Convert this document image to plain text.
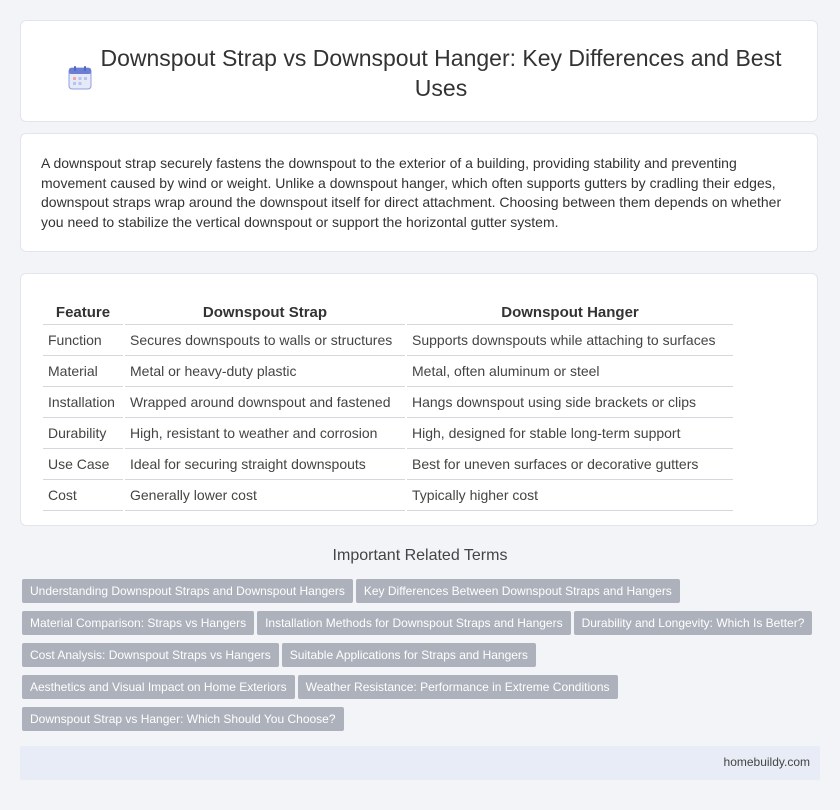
Downspout Strap vs Downspout Hanger: Key Differences and Best Uses

A downspout strap securely fastens the downspout to the exterior of a building, providing stability and preventing movement caused by wind or weight. Unlike a downspout hanger, which often supports gutters by cradling their edges, downspout straps wrap around the downspout itself for direct attachment. Choosing between them depends on whether you need to stabilize the vertical downspout or support the horizontal gutter system.

Feature	Downspout Strap	Downspout Hanger
Function	Secures downspouts to walls or structures	Supports downspouts while attaching to surfaces
Material	Metal or heavy-duty plastic	Metal, often aluminum or steel
Installation	Wrapped around downspout and fastened	Hangs downspout using side brackets or clips
Durability	High, resistant to weather and corrosion	High, designed for stable long-term support
Use Case	Ideal for securing straight downspouts	Best for uneven surfaces or decorative gutters
Cost	Generally lower cost	Typically higher cost
Important Related Terms
Understanding Downspout Straps and Downspout Hangers Key Differences Between Downspout Straps and Hangers
Material Comparison: Straps vs Hangers Installation Methods for Downspout Straps and Hangers Durability and Longevity: Which Is Better?
Cost Analysis: Downspout Straps vs Hangers Suitable Applications for Straps and Hangers
Aesthetics and Visual Impact on Home Exteriors Weather Resistance: Performance in Extreme Conditions
Downspout Strap vs Hanger: Which Should You Choose?
homebuildy.com
